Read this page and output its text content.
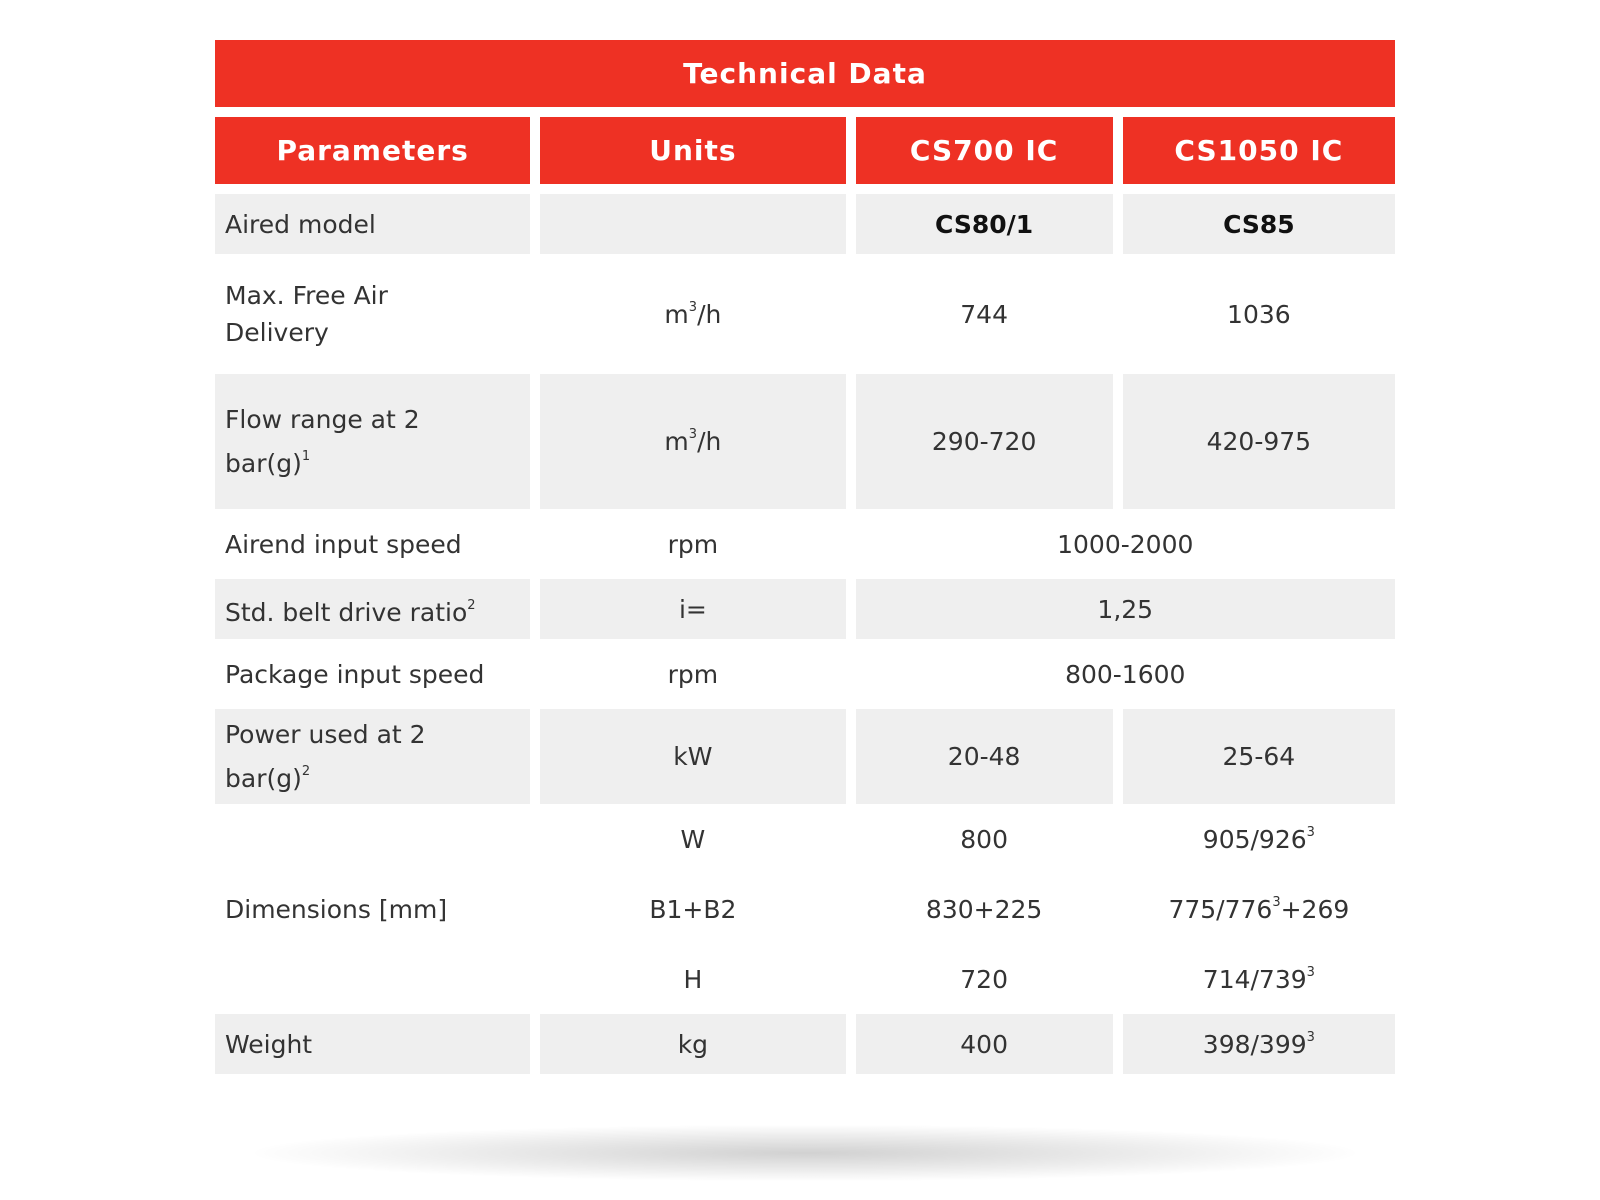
Technical Data
Parameters	Units	CS700 IC	CS1050 IC

Aired model		CS80/1	CS85
Max. Free Air
Delivery	$m^3/h$	744	1036
Flow range at 2
$bar(g)^1$	$m^3/h$	290-720	420-975
Airend input speed	rpm	1000-2000	
Std. belt drive ratio$^2$	i=	1,25	
Package input speed	rpm	800-1600	
Power used at 2
$bar(g)^2$	kW	20-48	25-64
Dimensions [mm]	W	800	$905/926^3$
	B1+B2	830+225	$775/776^3+269$
	H	720	$714/739^3$
Weight	kg	400	$398/399^3$
